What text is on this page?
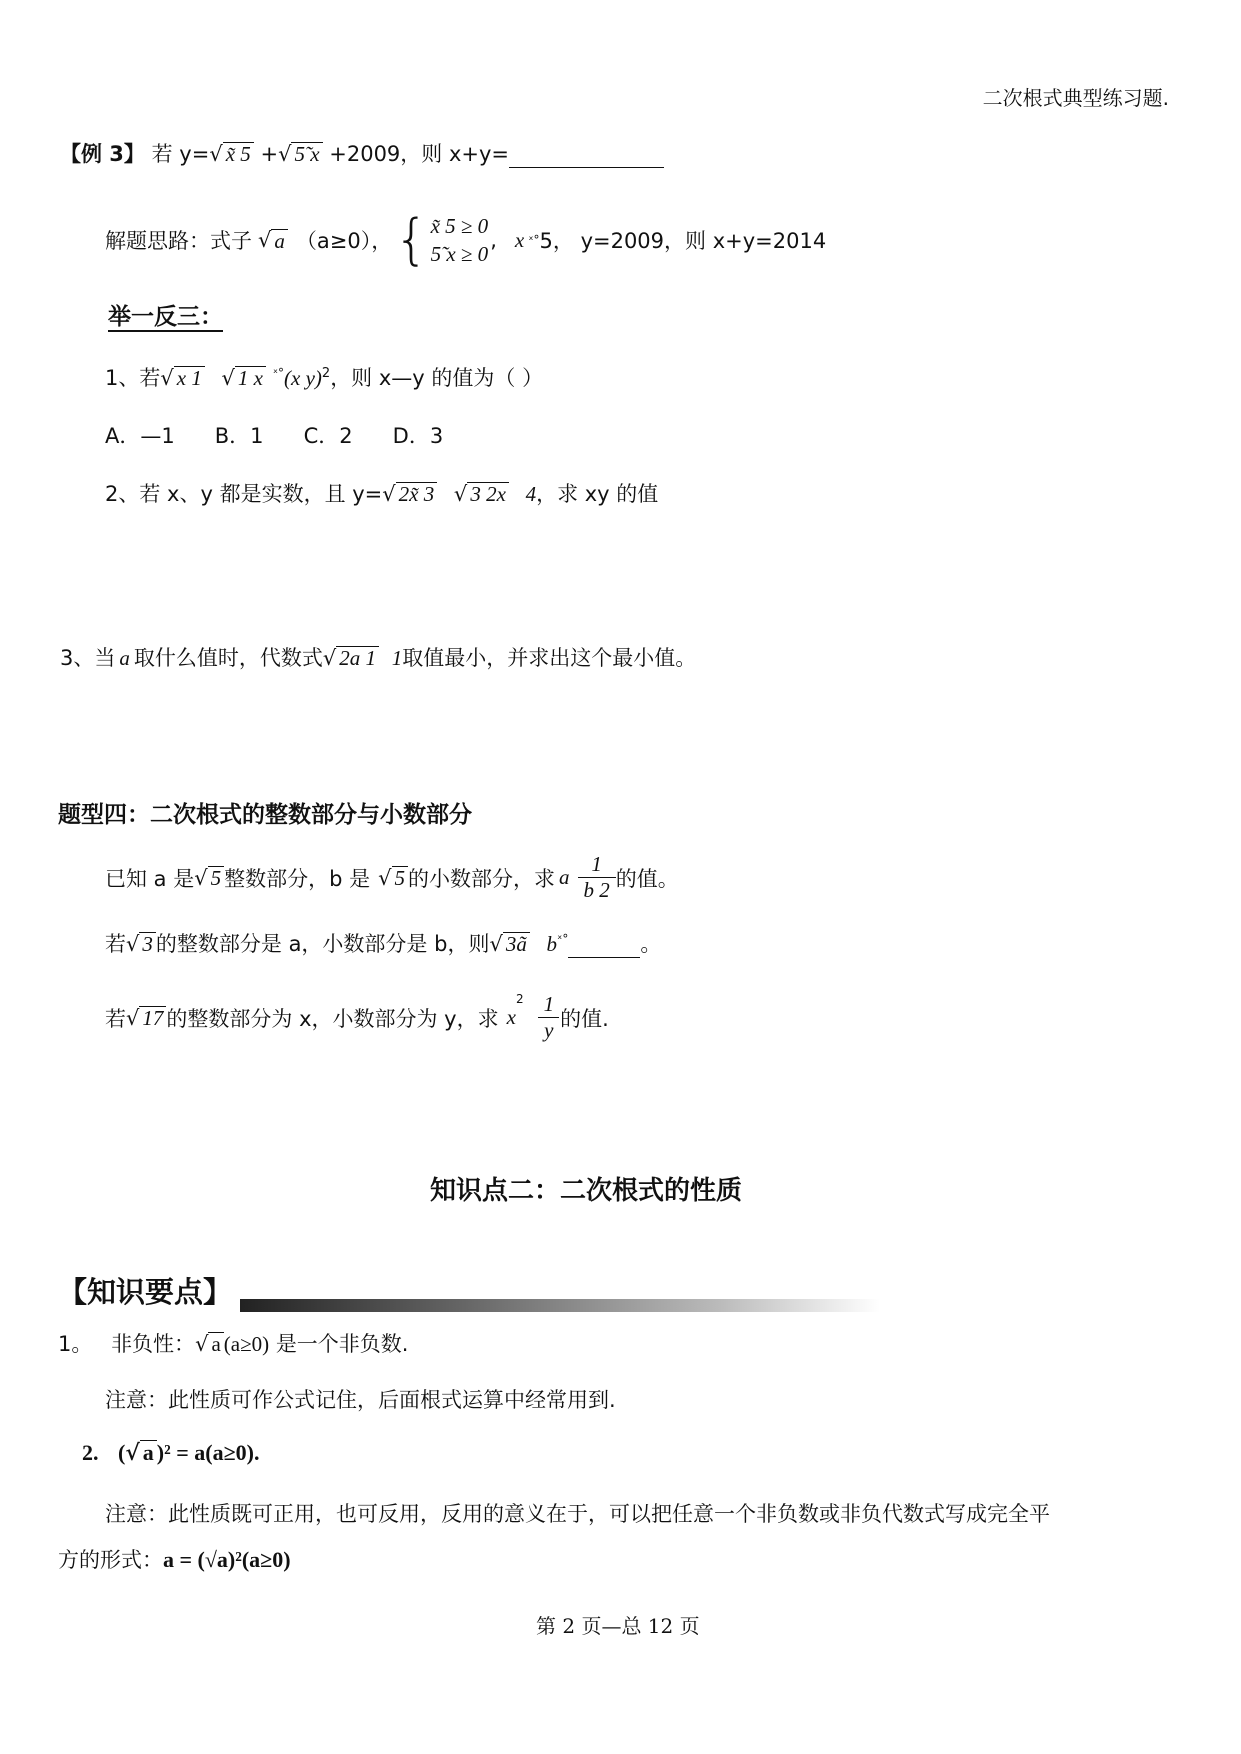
二次根式典型练习题.
【例 3】 若 y=√ x̃ 5 +√ 5̃ x +2009，则 x+y=
解题思路：式子 √ a （a≥0）， { x̃ 5 ≥ 0
5̃ x ≥ 0
, x ˣ° 5， y=2009，则 x+y=2014
举一反三：
1、若√ x 1 √ 1 x $^{ˣ^\circ}$(x y)$^2$，则 x—y 的值为（ ）
A．—1      B．1      C．2      D．3
2、若 x、y 都是实数，且 y=√ 2x̃ 3 √ 3 2x 4，求 xy 的值
3、当 a 取什么值时，代数式√ 2a 1 1取值最小，并求出这个最小值。
题型四：二次根式的整数部分与小数部分
已知 a 是 √ 5 整数部分，b 是 √ 5 的小数部分，求 a $\frac{1}{b 2}$ 的值。
若√ 3 的整数部分是 a，小数部分是 b，则√ 3ã $b^{ˣ^\circ}$	。
若 √ 17 的整数部分为 x，小数部分为 y，求 x
$^2 \frac{1}{y}$ 的值.
知识点二：二次根式的性质
【知识要点】
1。 非负性：√ a (a≥0) 是一个非负数.
注意：此性质可作公式记住，后面根式运算中经常用到.
2. (√ a )² = a(a≥0).
注意：此性质既可正用，也可反用，反用的意义在于，可以把任意一个非负数或非负代数式写成完全平
方的形式：a = (√a)²(a≥0)
第 2 页—总 12 页
